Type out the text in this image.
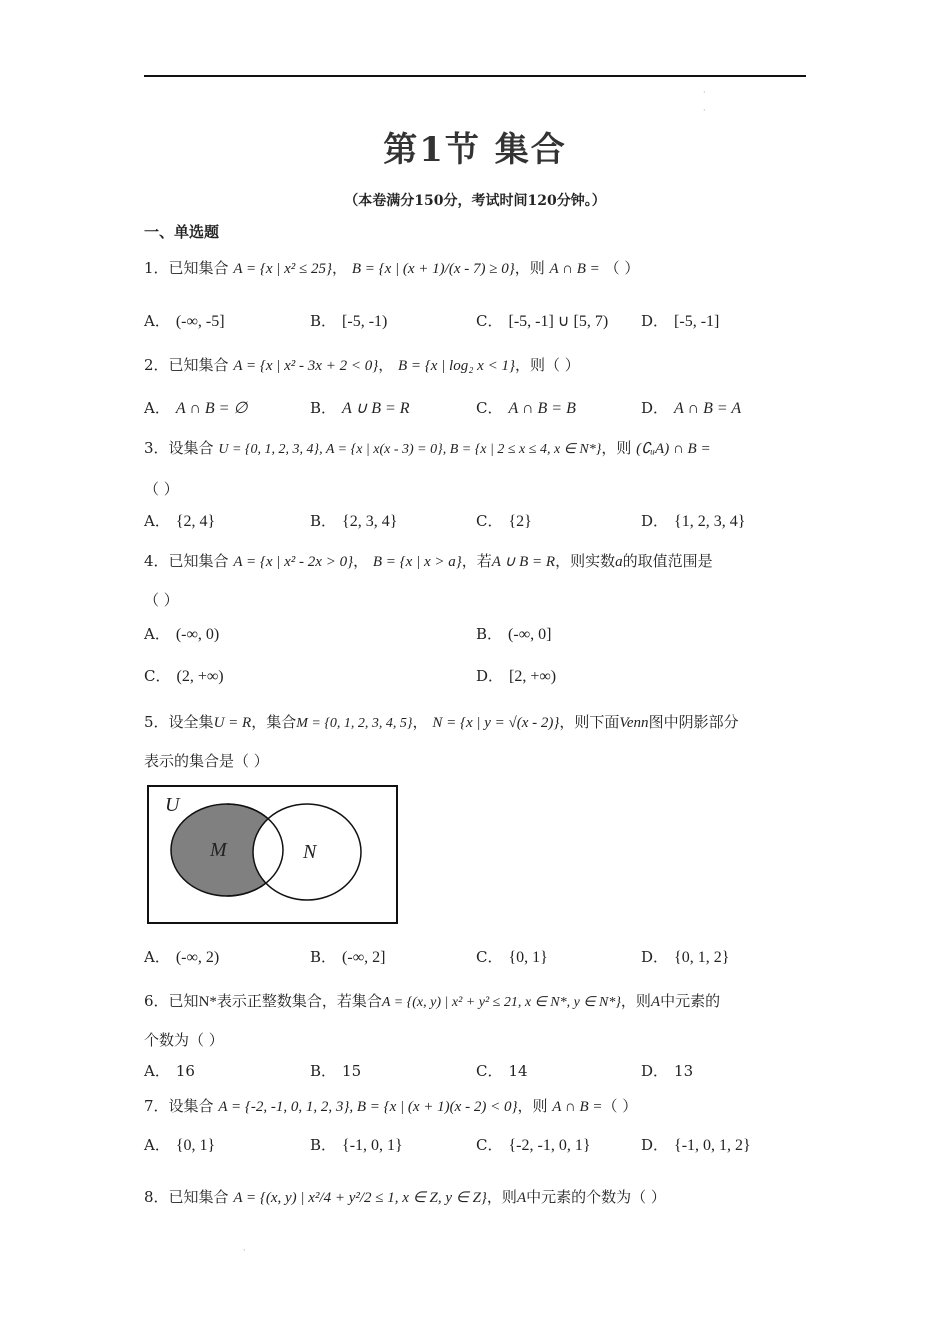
·
·
第1节 集合
（本卷满分150分，考试时间120分钟。）
一、单选题
1．已知集合 A = {x | x² ≤ 25}， B = {x | (x + 1)/(x - 7) ≥ 0}，则 A ∩ B = （ ）
A． (-∞, -5]	B． [-5, -1)	C． [-5, -1] ∪ [5, 7) D． [-5, -1]
2．已知集合 A = {x | x² - 3x + 2 < 0}， B = {x | log₂ x < 1}，则（ ）
A． A ∩ B = ∅	B． A ∪ B = R	C． A ∩ B = B	D． A ∩ B = A
3．设集合 U = {0, 1, 2, 3, 4}, A = {x | x(x - 3) = 0}, B = {x | 2 ≤ x ≤ 4, x ∈ N*}，则 (∁ᵤA) ∩ B =
（ ）
A． {2, 4}	B． {2, 3, 4}	C． {2}	D． {1, 2, 3, 4}
4．已知集合 A = {x | x² - 2x > 0}， B = {x | x > a}，若A ∪ B = R，则实数a的取值范围是
（ ）
A． (-∞, 0)	B． (-∞, 0]
C． (2, +∞)	D． [2, +∞)
5．设全集U = R，集合M = {0, 1, 2, 3, 4, 5}， N = {x | y = √(x - 2)}，则下面Venn图中阴影部分
表示的集合是（ ）
U
M	N
A． (-∞, 2)	B． (-∞, 2]	C． {0, 1}	D． {0, 1, 2}
6．已知N*表示正整数集合，若集合A = {(x, y) | x² + y² ≤ 21, x ∈ N*, y ∈ N*}，则A中元素的
个数为（ ）
A． 16	B． 15	C． 14	D． 13
7．设集合 A = {-2, -1, 0, 1, 2, 3}, B = {x | (x + 1)(x - 2) < 0}，则 A ∩ B =（ ）
A． {0, 1}	B． {-1, 0, 1}	C． {-2, -1, 0, 1}	D． {-1, 0, 1, 2}
8．已知集合 A = {(x, y) | x²/4 + y²/2 ≤ 1, x ∈ Z, y ∈ Z}，则A中元素的个数为（ ）
·
